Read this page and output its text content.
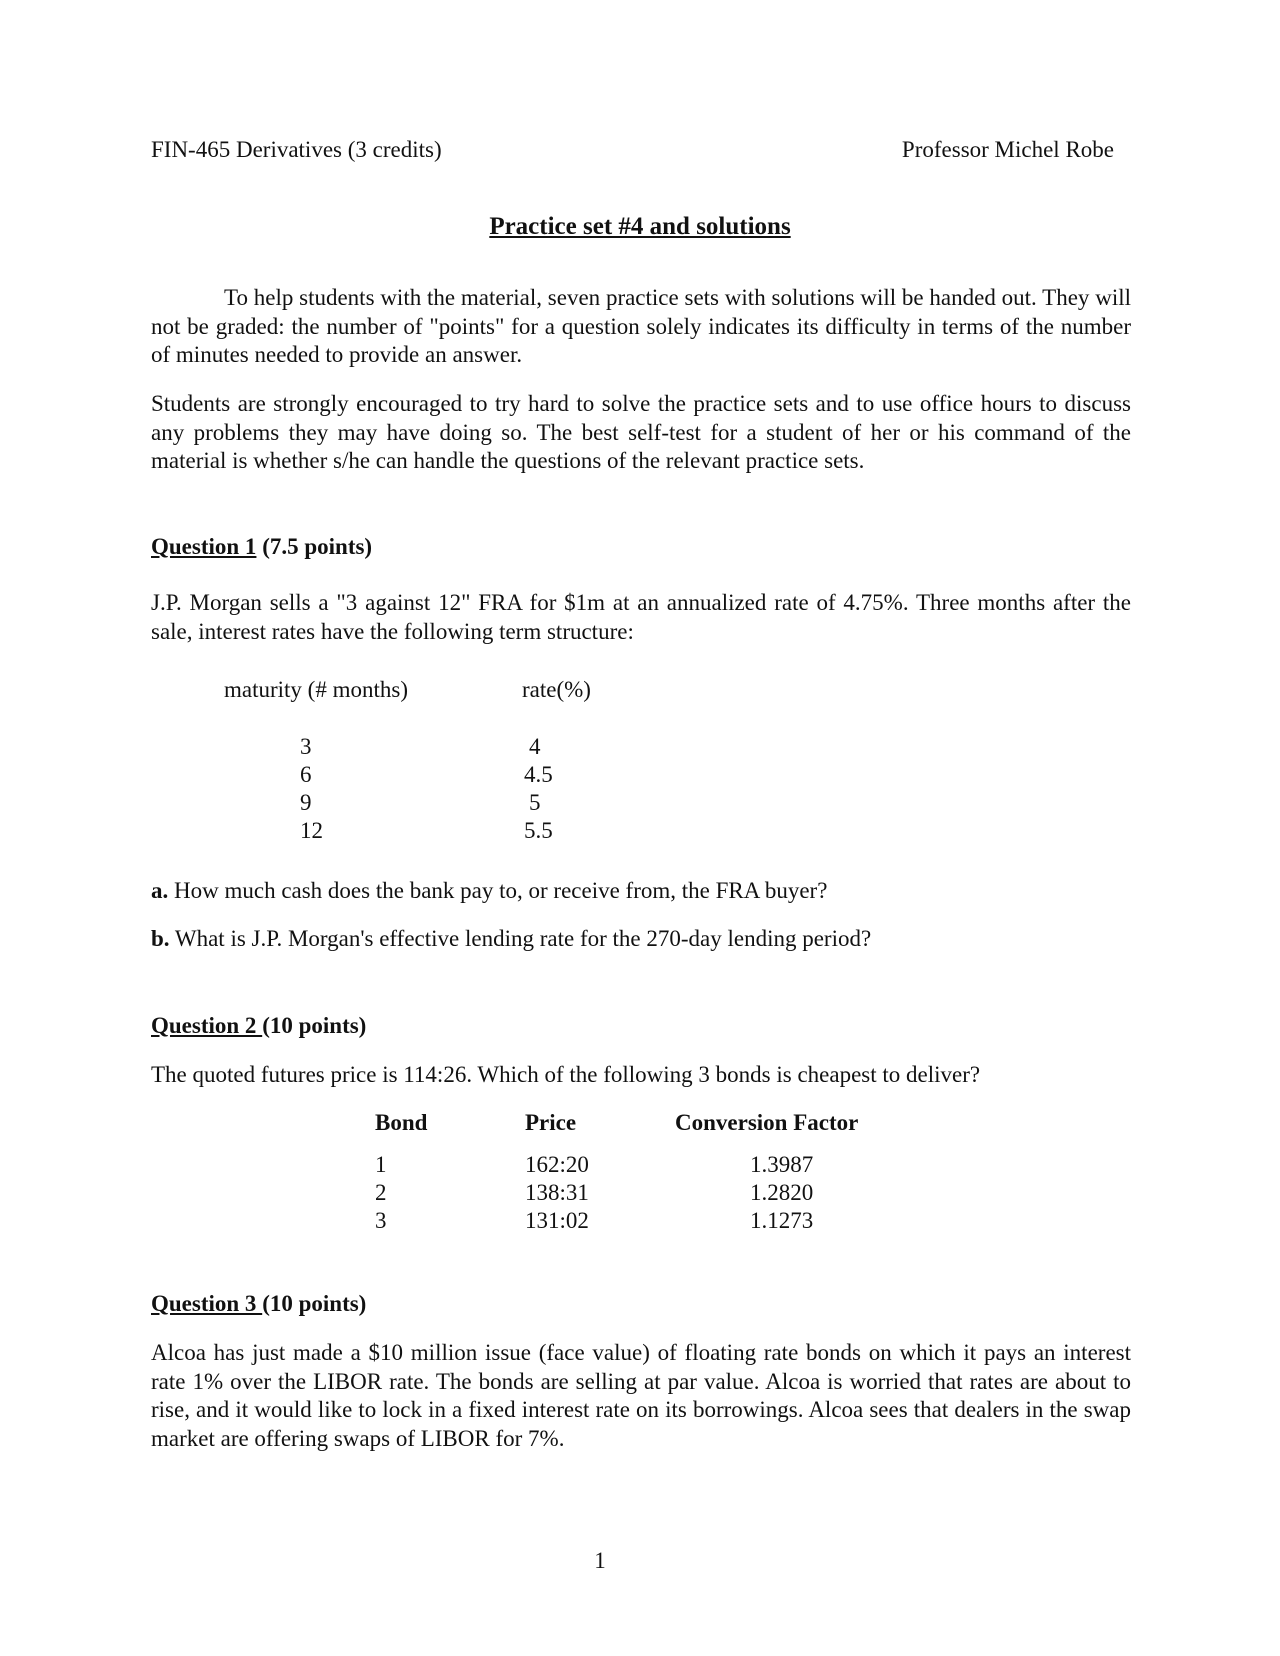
FIN-465 Derivatives (3 credits)	Professor Michel Robe
Practice set #4 and solutions

To help students with the material, seven practice sets with solutions will be handed out. They will not be graded: the number of "points" for a question solely indicates its difficulty in terms of the number of minutes needed to provide an answer.

Students are strongly encouraged to try hard to solve the practice sets and to use office hours to discuss any problems they may have doing so. The best self-test for a student of her or his command of the material is whether s/he can handle the questions of the relevant practice sets.

Question 1 (7.5 points)

J.P. Morgan sells a "3 against 12" FRA for $1m at an annualized rate of 4.75%. Three months after the sale, interest rates have the following term structure:

maturity (# months)	rate(%)
3	4
6	4.5
9	5
12	5.5
a. How much cash does the bank pay to, or receive from, the FRA buyer?
b. What is J.P. Morgan's effective lending rate for the 270-day lending period?
Question 2 (10 points)
The quoted futures price is 114:26. Which of the following 3 bonds is cheapest to deliver?
Bond	Price	Conversion Factor
1	162:20	1.3987
2	138:31	1.2820
3	131:02	1.1273
Question 3 (10 points)

Alcoa has just made a $10 million issue (face value) of floating rate bonds on which it pays an interest rate 1% over the LIBOR rate. The bonds are selling at par value. Alcoa is worried that rates are about to rise, and it would like to lock in a fixed interest rate on its borrowings. Alcoa sees that dealers in the swap market are offering swaps of LIBOR for 7%.

1
